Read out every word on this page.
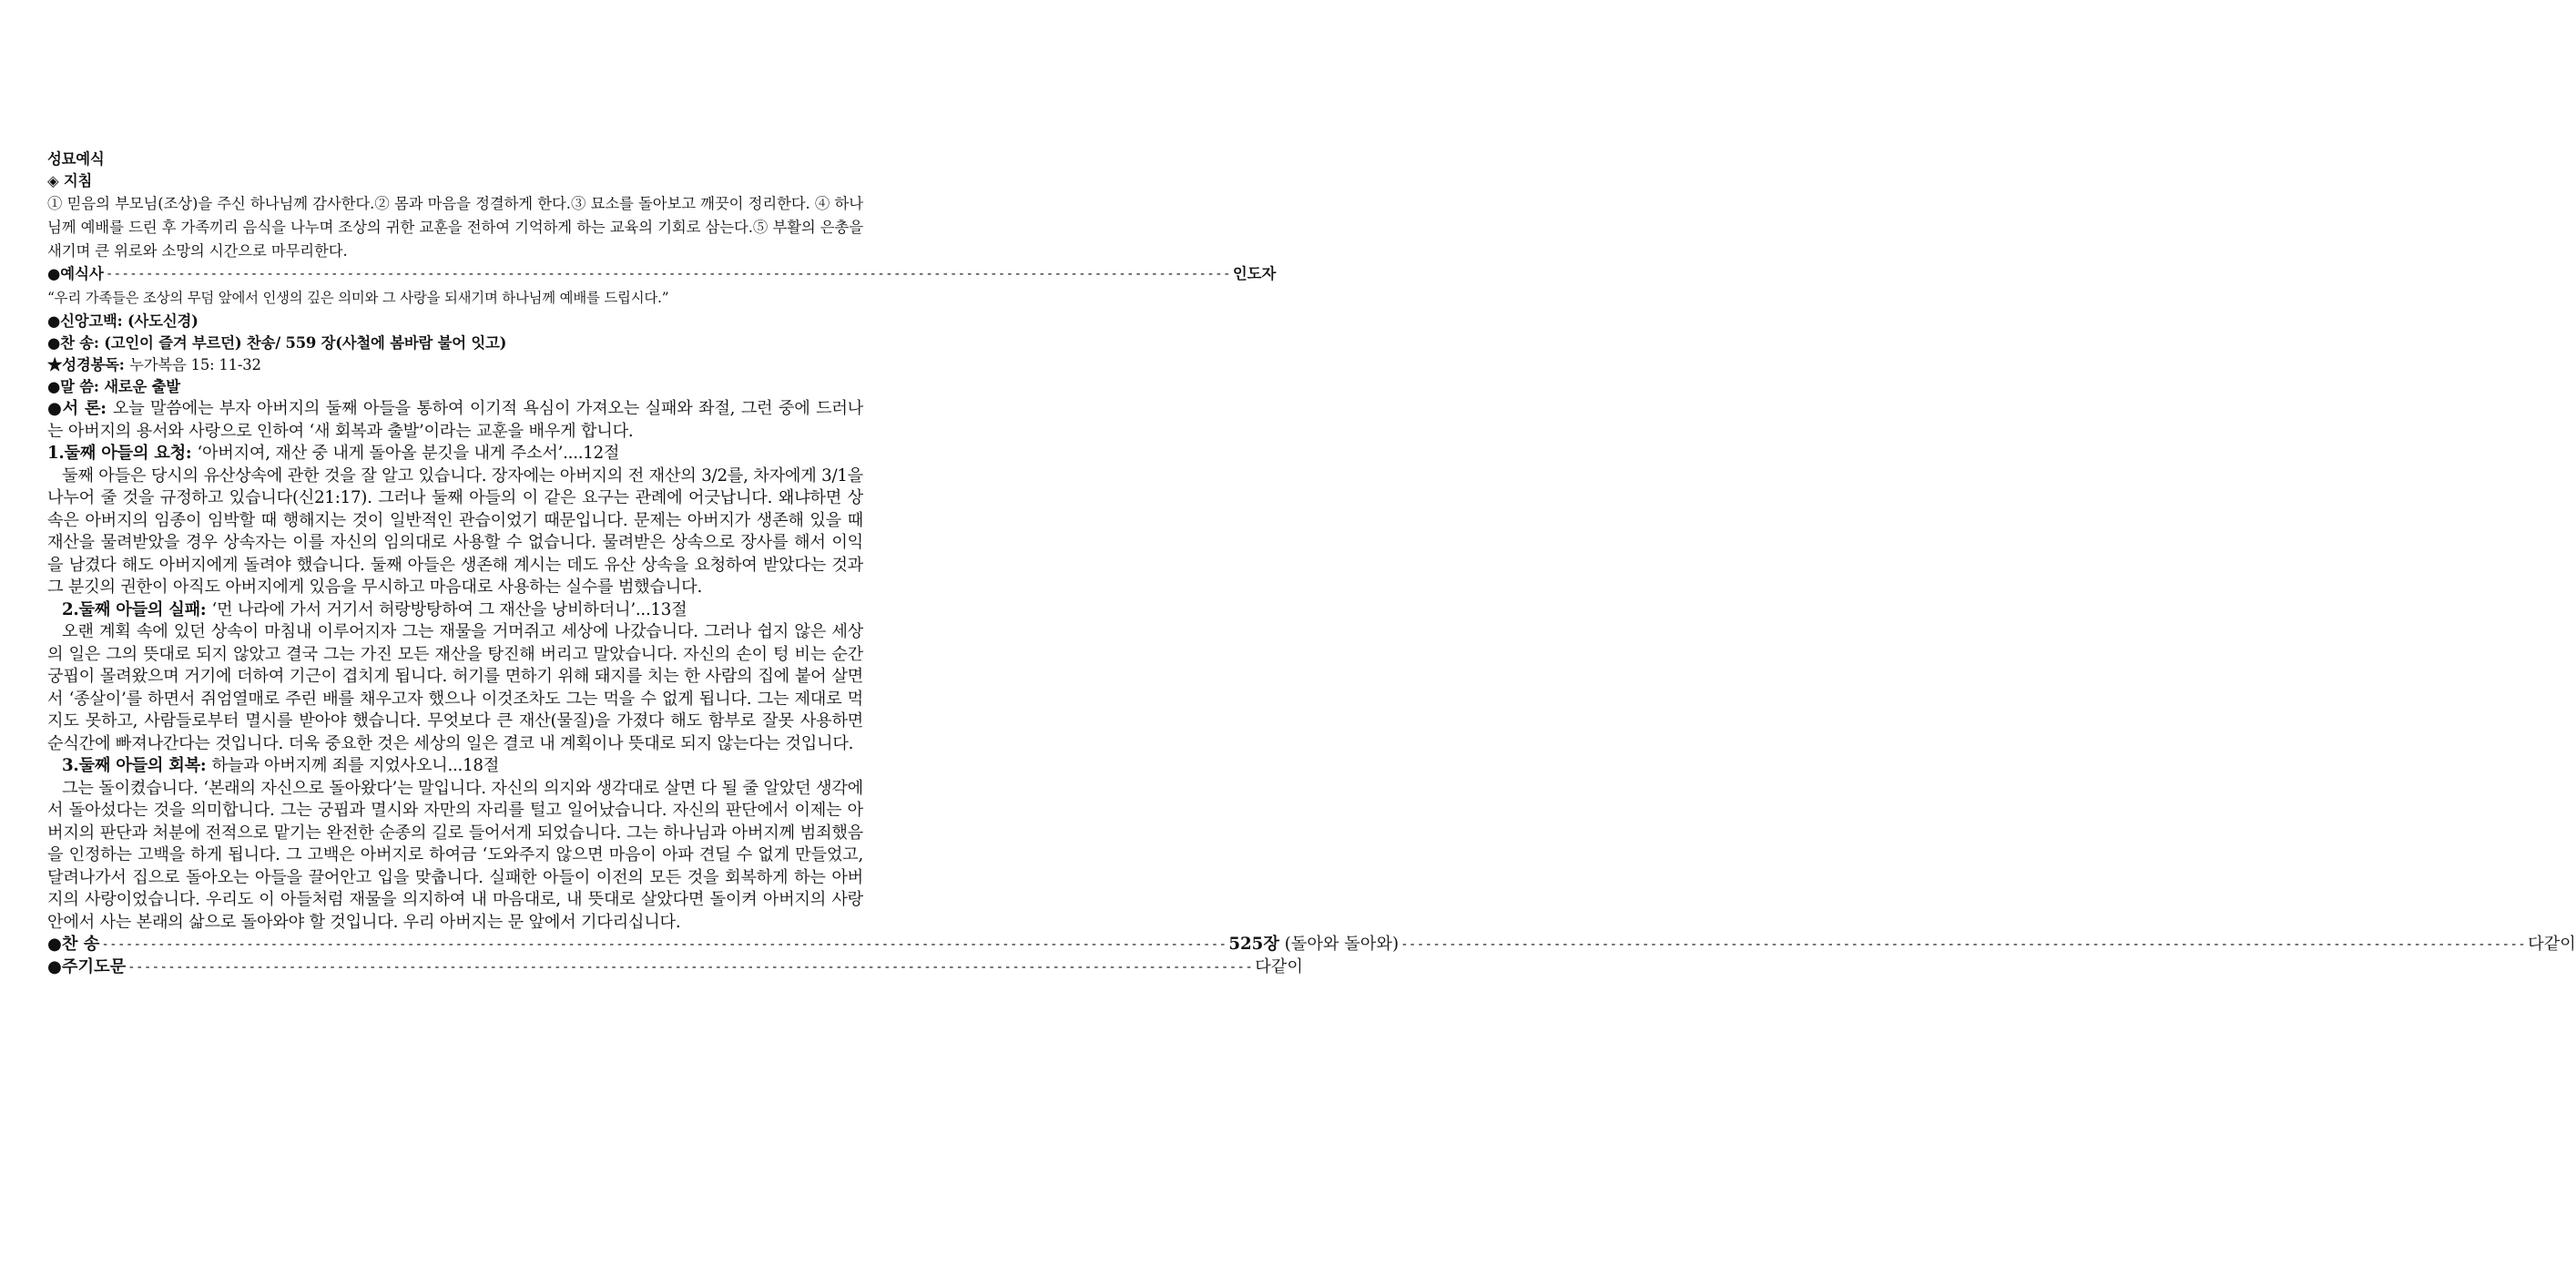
성묘예식
◈ 지침

① 믿음의 부모님(조상)을 주신 하나님께 감사한다.② 몸과 마음을 정결하게 한다.③ 묘소를 돌아보고 깨끗이 정리한다. ④ 하나님께 예배를 드린 후 가족끼리 음식을 나누며 조상의 귀한 교훈을 전하여 기억하게 하는 교육의 기회로 삼는다.⑤ 부활의 은총을 새기며 큰 위로와 소망의 시간으로 마무리한다.

●예식사 -------------------------------------------------------------------------------------------------------------------------------------------- 인도자
“우리 가족들은 조상의 무덤 앞에서 인생의 깊은 의미와 그 사랑을 되새기며 하나님께 예배를 드립시다.”
●신앙고백: (사도신경)
●찬 송: (고인이 즐겨 부르던) 찬송/ 559 장(사철에 봄바람 불어 잇고)
★성경봉독: 누가복음 15: 11-32
●말 씀: 새로운 출발

●서 론: 오늘 말씀에는 부자 아버지의 둘째 아들을 통하여 이기적 욕심이 가져오는 실패와 좌절, 그런 중에 드러나는 아버지의 용서와 사랑으로 인하여 ‘새 회복과 출발’이라는 교훈을 배우게 합니다.

1.둘째 아들의 요청: ‘아버지여, 재산 중 내게 돌아올 분깃을 내게 주소서’....12절

둘째 아들은 당시의 유산상속에 관한 것을 잘 알고 있습니다. 장자에는 아버지의 전 재산의 3/2를, 차자에게 3/1을 나누어 줄 것을 규정하고 있습니다(신21:17). 그러나 둘째 아들의 이 같은 요구는 관례에 어긋납니다. 왜냐하면 상속은 아버지의 임종이 임박할 때 행해지는 것이 일반적인 관습이었기 때문입니다. 문제는 아버지가 생존해 있을 때 재산을 물려받았을 경우 상속자는 이를 자신의 임의대로 사용할 수 없습니다. 물려받은 상속으로 장사를 해서 이익을 남겼다 해도 아버지에게 돌려야 했습니다. 둘째 아들은 생존해 계시는 데도 유산 상속을 요청하여 받았다는 것과 그 분깃의 권한이 아직도 아버지에게 있음을 무시하고 마음대로 사용하는 실수를 범했습니다.

2.둘째 아들의 실패: ‘먼 나라에 가서 거기서 허랑방탕하여 그 재산을 낭비하더니’...13절

오랜 계획 속에 있던 상속이 마침내 이루어지자 그는 재물을 거머쥐고 세상에 나갔습니다. 그러나 쉽지 않은 세상의 일은 그의 뜻대로 되지 않았고 결국 그는 가진 모든 재산을 탕진해 버리고 말았습니다. 자신의 손이 텅 비는 순간 궁핍이 몰려왔으며 거기에 더하여 기근이 겹치게 됩니다. 허기를 면하기 위해 돼지를 치는 한 사람의 집에 붙어 살면서 ‘종살이’를 하면서 쥐엄열매로 주린 배를 채우고자 했으나 이것조차도 그는 먹을 수 없게 됩니다. 그는 제대로 먹지도 못하고, 사람들로부터 멸시를 받아야 했습니다. 무엇보다 큰 재산(물질)을 가졌다 해도 함부로 잘못 사용하면 순식간에 빠져나간다는 것입니다. 더욱 중요한 것은 세상의 일은 결코 내 계획이나 뜻대로 되지 않는다는 것입니다.

3.둘째 아들의 회복: 하늘과 아버지께 죄를 지었사오니...18절

그는 돌이켰습니다. ‘본래의 자신으로 돌아왔다’는 말입니다. 자신의 의지와 생각대로 살면 다 될 줄 알았던 생각에서 돌아섰다는 것을 의미합니다. 그는 궁핍과 멸시와 자만의 자리를 털고 일어났습니다. 자신의 판단에서 이제는 아버지의 판단과 처분에 전적으로 맡기는 완전한 순종의 길로 들어서게 되었습니다. 그는 하나님과 아버지께 범죄했음을 인정하는 고백을 하게 됩니다. 그 고백은 아버지로 하여금 ‘도와주지 않으면 마음이 아파 견딜 수 없게 만들었고, 달려나가서 집으로 돌아오는 아들을 끌어안고 입을 맞춥니다. 실패한 아들이 이전의 모든 것을 회복하게 하는 아버지의 사랑이었습니다. 우리도 이 아들처럼 재물을 의지하여 내 마음대로, 내 뜻대로 살았다면 돌이켜 아버지의 사랑 안에서 사는 본래의 삶으로 돌아와야 할 것입니다. 우리 아버지는 문 앞에서 기다리십니다.

●찬 송 -------------------------------------------------------------------------------------------------------------------------------------------- 525장 (돌아와 돌아와) -------------------------------------------------------------------------------------------------------------------------------------------- 다같이
●주기도문 -------------------------------------------------------------------------------------------------------------------------------------------- 다같이
